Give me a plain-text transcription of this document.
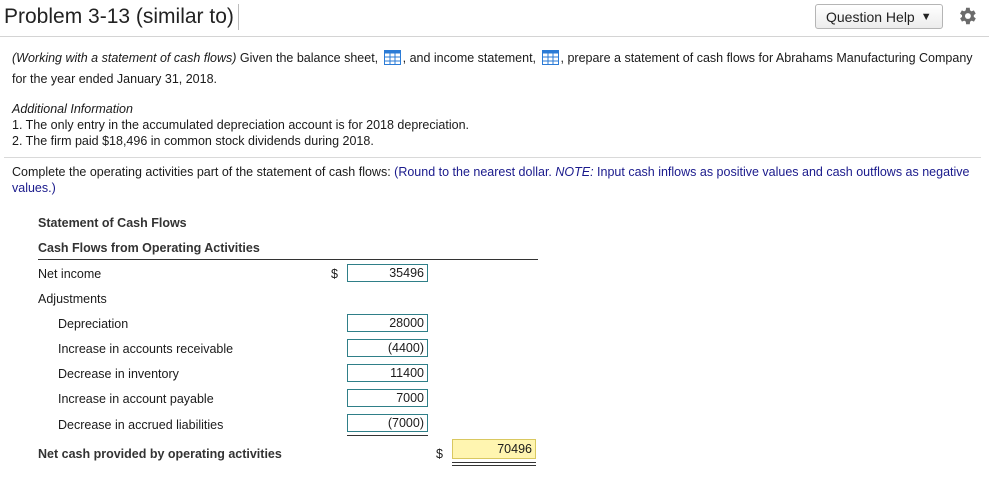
Problem 3-13 (similar to)	Question Help ▼

(Working with a statement of cash flows) Given the balance sheet, , and income statement, , prepare a statement of cash flows for Abrahams Manufacturing Company for the year ended January 31, 2018.

Additional Information
1. The only entry in the accumulated depreciation account is for 2018 depreciation.
2. The firm paid $18,496 in common stock dividends during 2018.
Complete the operating activities part of the statement of cash flows: (Round to the nearest dollar. NOTE: Input cash inflows as positive values and cash outflows as negative values.)
Statement of Cash Flows
Cash Flows from Operating Activities
Net income	$	35496
Adjustments
Depreciation	28000
Increase in accounts receivable	(4400)
Decrease in inventory	11400
Increase in account payable	7000
Decrease in accrued liabilities	(7000)
Net cash provided by operating activities	$	70496
